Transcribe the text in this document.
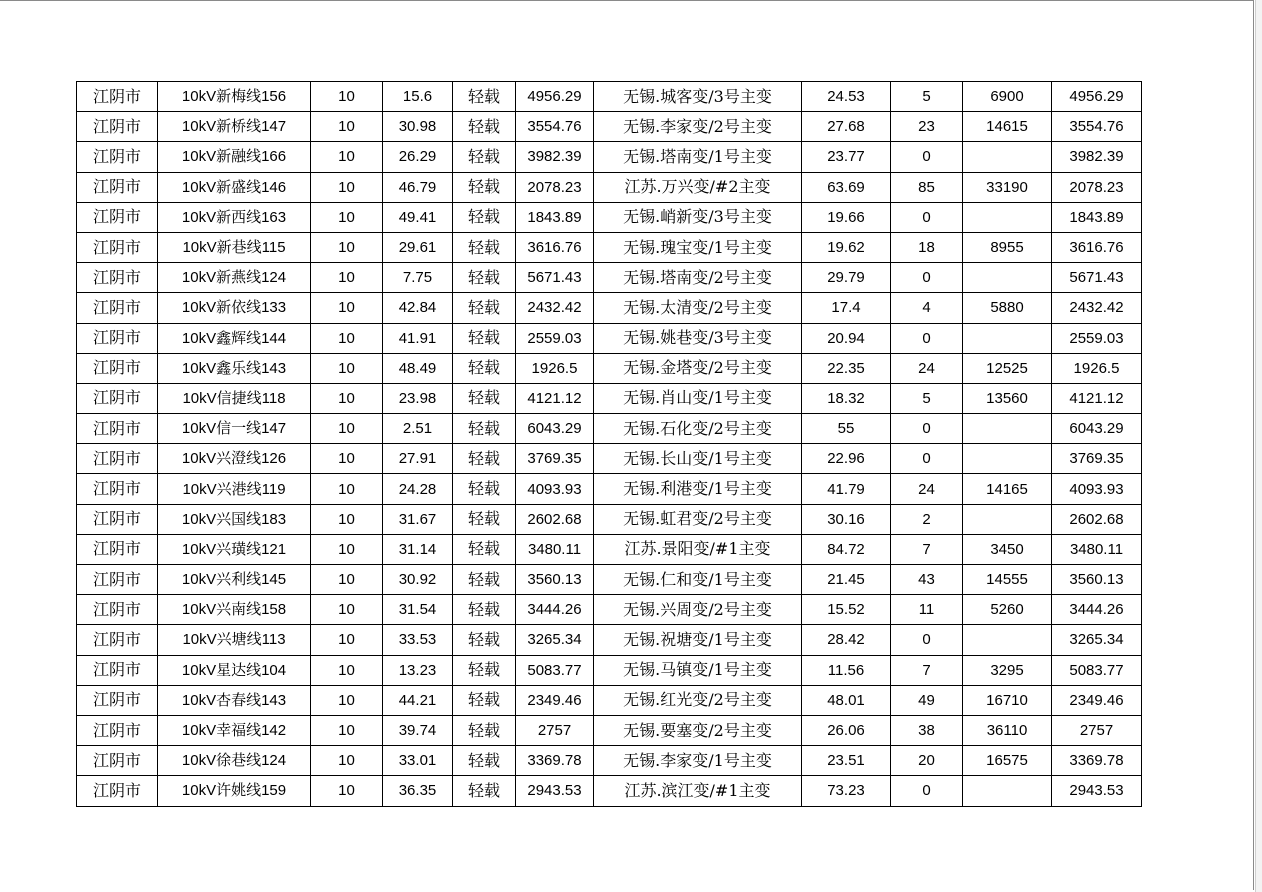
江阴市	10kV新梅线156	10	15.6	轻载	4956.29	无锡.城客变/3号主变	24.53	5	6900	4956.29
江阴市	10kV新桥线147	10	30.98	轻载	3554.76	无锡.李家变/2号主变	27.68	23	14615	3554.76
江阴市	10kV新融线166	10	26.29	轻载	3982.39	无锡.塔南变/1号主变	23.77	0		3982.39
江阴市	10kV新盛线146	10	46.79	轻载	2078.23	江苏.万兴变/#2主变	63.69	85	33190	2078.23
江阴市	10kV新西线163	10	49.41	轻载	1843.89	无锡.峭新变/3号主变	19.66	0		1843.89
江阴市	10kV新巷线115	10	29.61	轻载	3616.76	无锡.瑰宝变/1号主变	19.62	18	8955	3616.76
江阴市	10kV新燕线124	10	7.75	轻载	5671.43	无锡.塔南变/2号主变	29.79	0		5671.43
江阴市	10kV新依线133	10	42.84	轻载	2432.42	无锡.太清变/2号主变	17.4	4	5880	2432.42
江阴市	10kV鑫辉线144	10	41.91	轻载	2559.03	无锡.姚巷变/3号主变	20.94	0		2559.03
江阴市	10kV鑫乐线143	10	48.49	轻载	1926.5	无锡.金塔变/2号主变	22.35	24	12525	1926.5
江阴市	10kV信捷线118	10	23.98	轻载	4121.12	无锡.肖山变/1号主变	18.32	5	13560	4121.12
江阴市	10kV信一线147	10	2.51	轻载	6043.29	无锡.石化变/2号主变	55	0		6043.29
江阴市	10kV兴澄线126	10	27.91	轻载	3769.35	无锡.长山变/1号主变	22.96	0		3769.35
江阴市	10kV兴港线119	10	24.28	轻载	4093.93	无锡.利港变/1号主变	41.79	24	14165	4093.93
江阴市	10kV兴国线183	10	31.67	轻载	2602.68	无锡.虹君变/2号主变	30.16	2		2602.68
江阴市	10kV兴璜线121	10	31.14	轻载	3480.11	江苏.景阳变/#1主变	84.72	7	3450	3480.11
江阴市	10kV兴利线145	10	30.92	轻载	3560.13	无锡.仁和变/1号主变	21.45	43	14555	3560.13
江阴市	10kV兴南线158	10	31.54	轻载	3444.26	无锡.兴周变/2号主变	15.52	11	5260	3444.26
江阴市	10kV兴塘线113	10	33.53	轻载	3265.34	无锡.祝塘变/1号主变	28.42	0		3265.34
江阴市	10kV星达线104	10	13.23	轻载	5083.77	无锡.马镇变/1号主变	11.56	7	3295	5083.77
江阴市	10kV杏春线143	10	44.21	轻载	2349.46	无锡.红光变/2号主变	48.01	49	16710	2349.46
江阴市	10kV幸福线142	10	39.74	轻载	2757	无锡.要塞变/2号主变	26.06	38	36110	2757
江阴市	10kV徐巷线124	10	33.01	轻载	3369.78	无锡.李家变/1号主变	23.51	20	16575	3369.78
江阴市	10kV许姚线159	10	36.35	轻载	2943.53	江苏.滨江变/#1主变	73.23	0		2943.53
